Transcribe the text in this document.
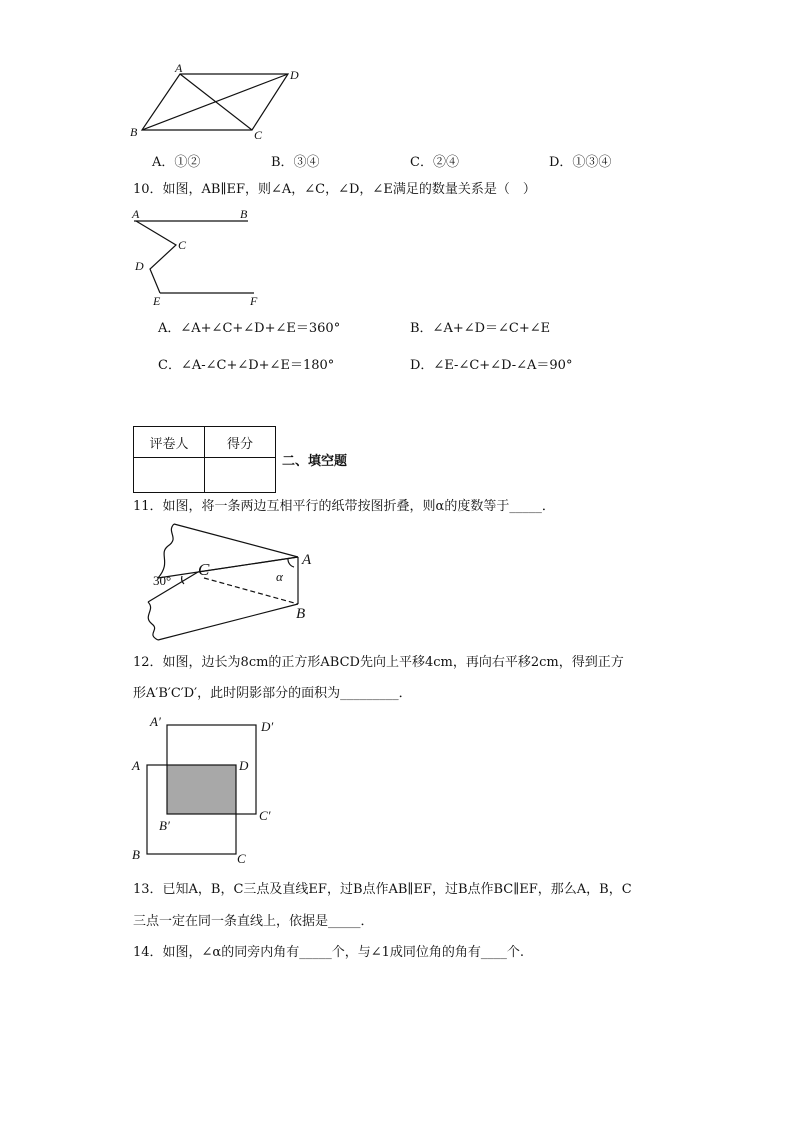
A	D
B	C
A．①②	B．③④	C．②④	D．①③④
10．如图，AB∥EF，则∠A，∠C，∠D，∠E满足的数量关系是（　）
A	B
C
D
E	F
A．∠A+∠C+∠D+∠E＝360°	B．∠A+∠D＝∠C+∠E
C．∠A-∠C+∠D+∠E＝180°	D．∠E-∠C+∠D-∠A＝90°
评卷人	得分

二、填空题
11．如图，将一条两边互相平行的纸带按图折叠，则α的度数等于_____．
30°
C	A
α
B
12．如图，边长为8cm的正方形ABCD先向上平移4cm，再向右平移2cm，得到正方
形A′B′C′D′，此时阴影部分的面积为_________．
A′	D′
A	D
B′
C′
B	C
13．已知A，B，C三点及直线EF，过B点作AB∥EF，过B点作BC∥EF，那么A，B，C
三点一定在同一条直线上，依据是_____．
14．如图，∠α的同旁内角有_____个，与∠1成同位角的角有____个.
